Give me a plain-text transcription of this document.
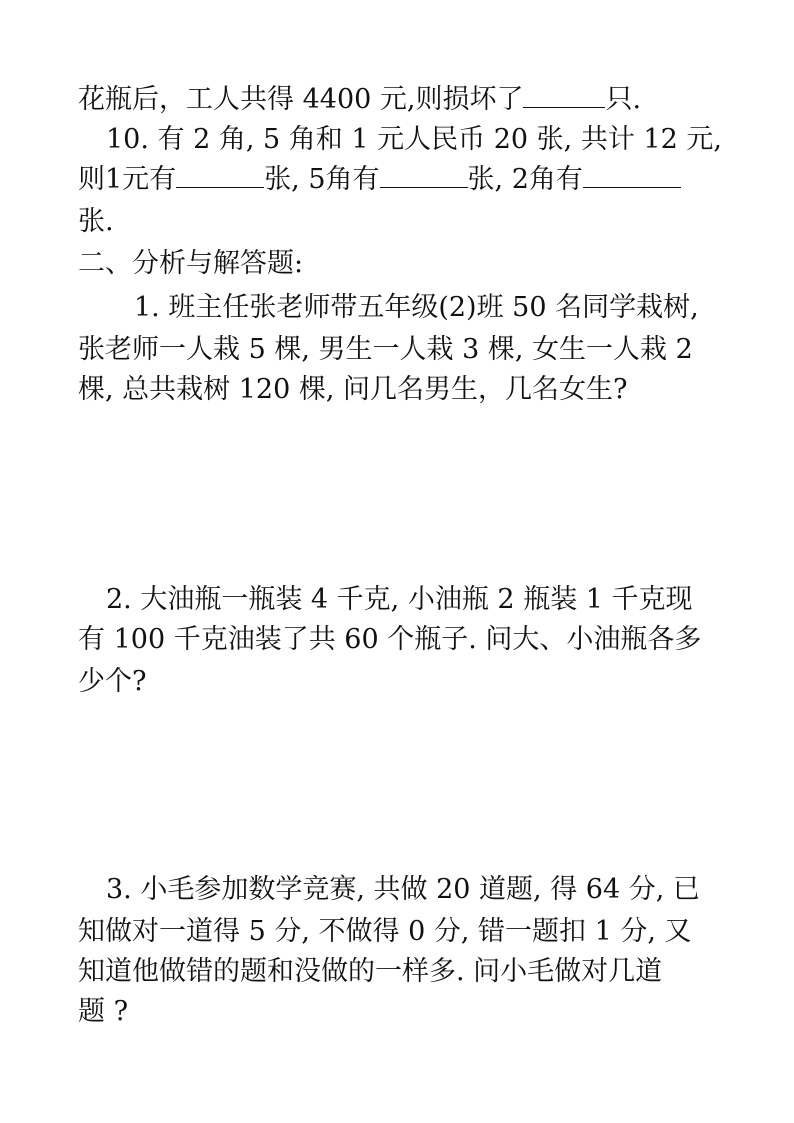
花瓶后，工人共得 4400 元,则损坏了	只.
10. 有 2 角, 5 角和 1 元人民币 20 张, 共计 12 元,
则1元有	张, 5角有	张, 2角有
张.
二、分析与解答题:
1. 班主任张老师带五年级(2)班 50 名同学栽树,
张老师一人栽 5 棵, 男生一人栽 3 棵, 女生一人栽 2
棵, 总共栽树 120 棵, 问几名男生，几名女生?
2. 大油瓶一瓶装 4 千克, 小油瓶 2 瓶装 1 千克现
有 100 千克油装了共 60 个瓶子. 问大、小油瓶各多
少个?
3. 小毛参加数学竞赛, 共做 20 道题, 得 64 分, 已
知做对一道得 5 分, 不做得 0 分, 错一题扣 1 分, 又
知道他做错的题和没做的一样多. 问小毛做对几道
题 ?
